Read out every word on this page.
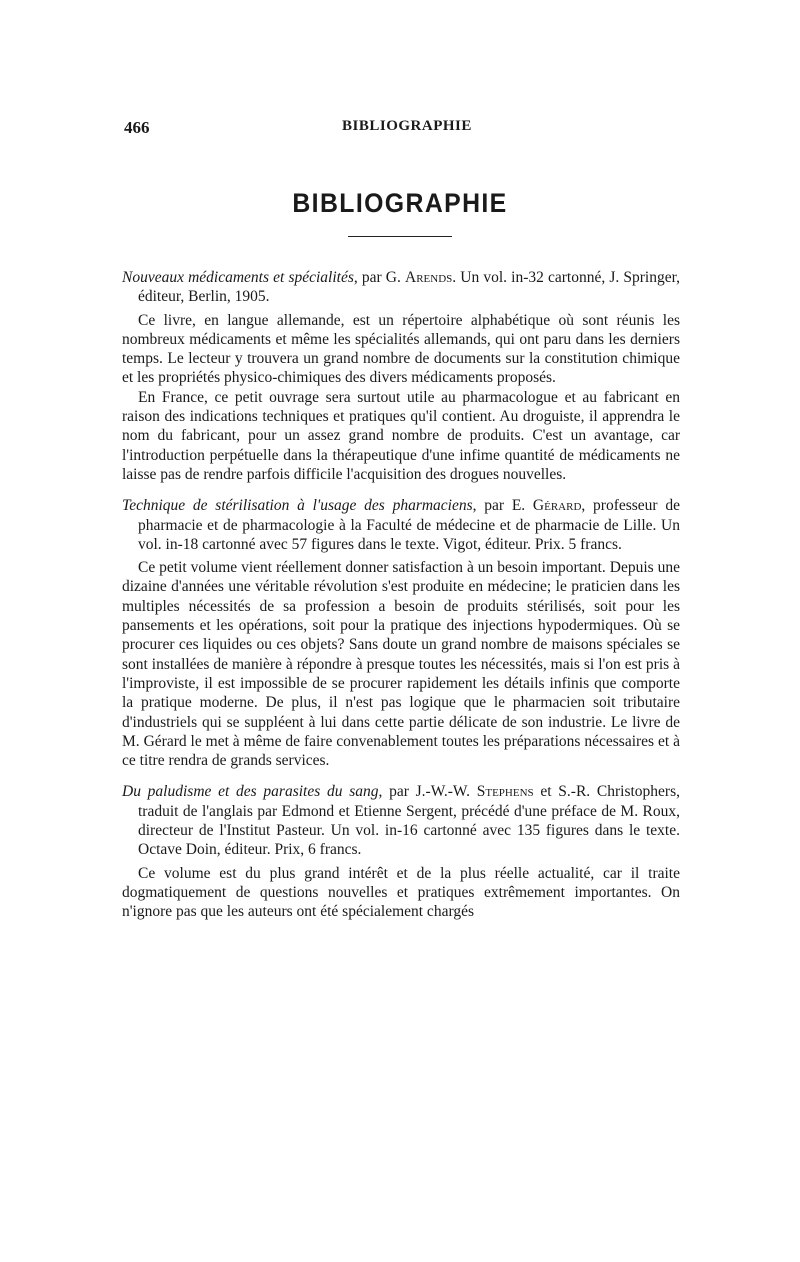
466	BIBLIOGRAPHIE
BIBLIOGRAPHIE

Nouveaux médicaments et spécialités, par G. Arends. Un vol. in-32 cartonné, J. Springer, éditeur, Berlin, 1905.

Ce livre, en langue allemande, est un répertoire alphabétique où sont réunis les nombreux médicaments et même les spécialités allemands, qui ont paru dans les derniers temps. Le lecteur y trouvera un grand nombre de documents sur la constitution chimique et les propriétés physico-chimiques des divers médicaments proposés.

En France, ce petit ouvrage sera surtout utile au pharmacologue et au fabricant en raison des indications techniques et pratiques qu'il contient. Au droguiste, il apprendra le nom du fabricant, pour un assez grand nombre de produits. C'est un avantage, car l'introduction perpétuelle dans la thérapeutique d'une infime quantité de médicaments ne laisse pas de rendre parfois difficile l'acquisition des drogues nouvelles.

Technique de stérilisation à l'usage des pharmaciens, par E. Gérard, professeur de pharmacie et de pharmacologie à la Faculté de médecine et de pharmacie de Lille. Un vol. in-18 cartonné avec 57 figures dans le texte. Vigot, éditeur. Prix. 5 francs.

Ce petit volume vient réellement donner satisfaction à un besoin important. Depuis une dizaine d'années une véritable révolution s'est produite en médecine; le praticien dans les multiples nécessités de sa profession a besoin de produits stérilisés, soit pour les pansements et les opérations, soit pour la pratique des injections hypodermiques. Où se procurer ces liquides ou ces objets? Sans doute un grand nombre de maisons spéciales se sont installées de manière à répondre à presque toutes les nécessités, mais si l'on est pris à l'improviste, il est impossible de se procurer rapidement les détails infinis que comporte la pratique moderne. De plus, il n'est pas logique que le pharmacien soit tributaire d'industriels qui se suppléent à lui dans cette partie délicate de son industrie. Le livre de M. Gérard le met à même de faire convenablement toutes les préparations nécessaires et à ce titre rendra de grands services.

Du paludisme et des parasites du sang, par J.-W.-W. Stephens et S.-R. Christophers, traduit de l'anglais par Edmond et Etienne Sergent, précédé d'une préface de M. Roux, directeur de l'Institut Pasteur. Un vol. in-16 cartonné avec 135 figures dans le texte. Octave Doin, éditeur. Prix, 6 francs.

Ce volume est du plus grand intérêt et de la plus réelle actualité, car il traite dogmatiquement de questions nouvelles et pratiques extrêmement importantes. On n'ignore pas que les auteurs ont été spécialement chargés
